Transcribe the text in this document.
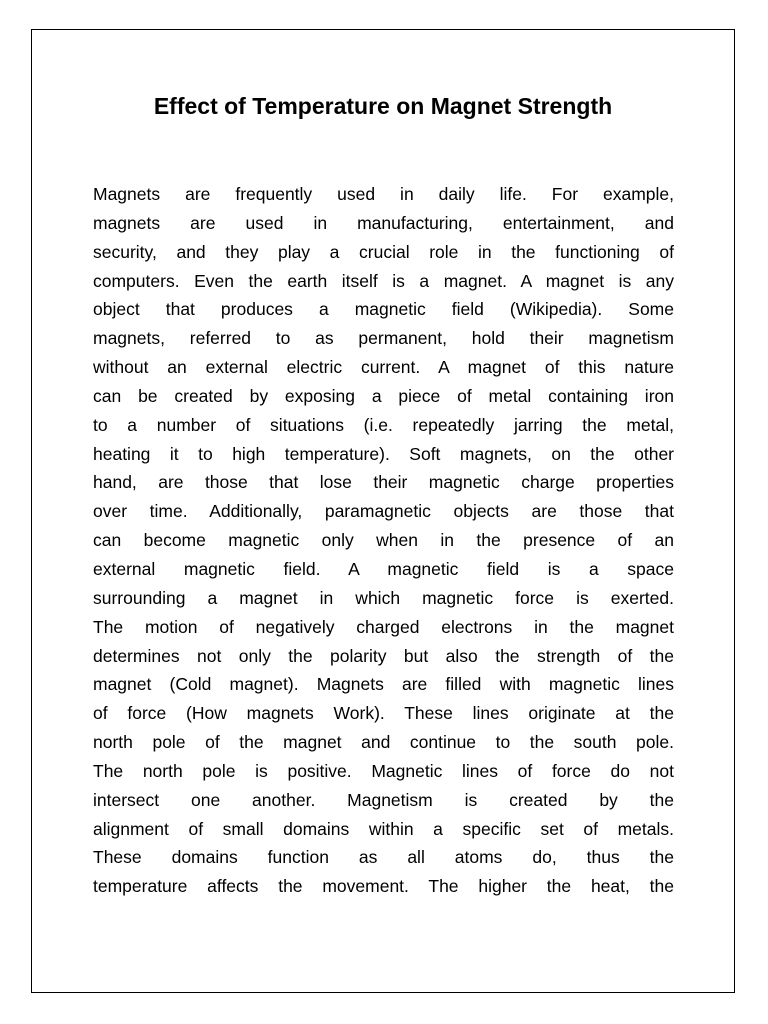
Effect of Temperature on Magnet Strength
Magnets are frequently used in daily life. For example,
magnets are used in manufacturing, entertainment, and
security, and they play a crucial role in the functioning of
computers. Even the earth itself is a magnet. A magnet is any
object that produces a magnetic field (Wikipedia). Some
magnets, referred to as permanent, hold their magnetism
without an external electric current. A magnet of this nature
can be created by exposing a piece of metal containing iron
to a number of situations (i.e. repeatedly jarring the metal,
heating it to high temperature). Soft magnets, on the other
hand, are those that lose their magnetic charge properties
over time. Additionally, paramagnetic objects are those that
can become magnetic only when in the presence of an
external magnetic field. A magnetic field is a space
surrounding a magnet in which magnetic force is exerted.
The motion of negatively charged electrons in the magnet
determines not only the polarity but also the strength of the
magnet (Cold magnet). Magnets are filled with magnetic lines
of force (How magnets Work). These lines originate at the
north pole of the magnet and continue to the south pole.
The north pole is positive. Magnetic lines of force do not
intersect one another. Magnetism is created by the
alignment of small domains within a specific set of metals.
These domains function as all atoms do, thus the
temperature affects the movement. The higher the heat, the
